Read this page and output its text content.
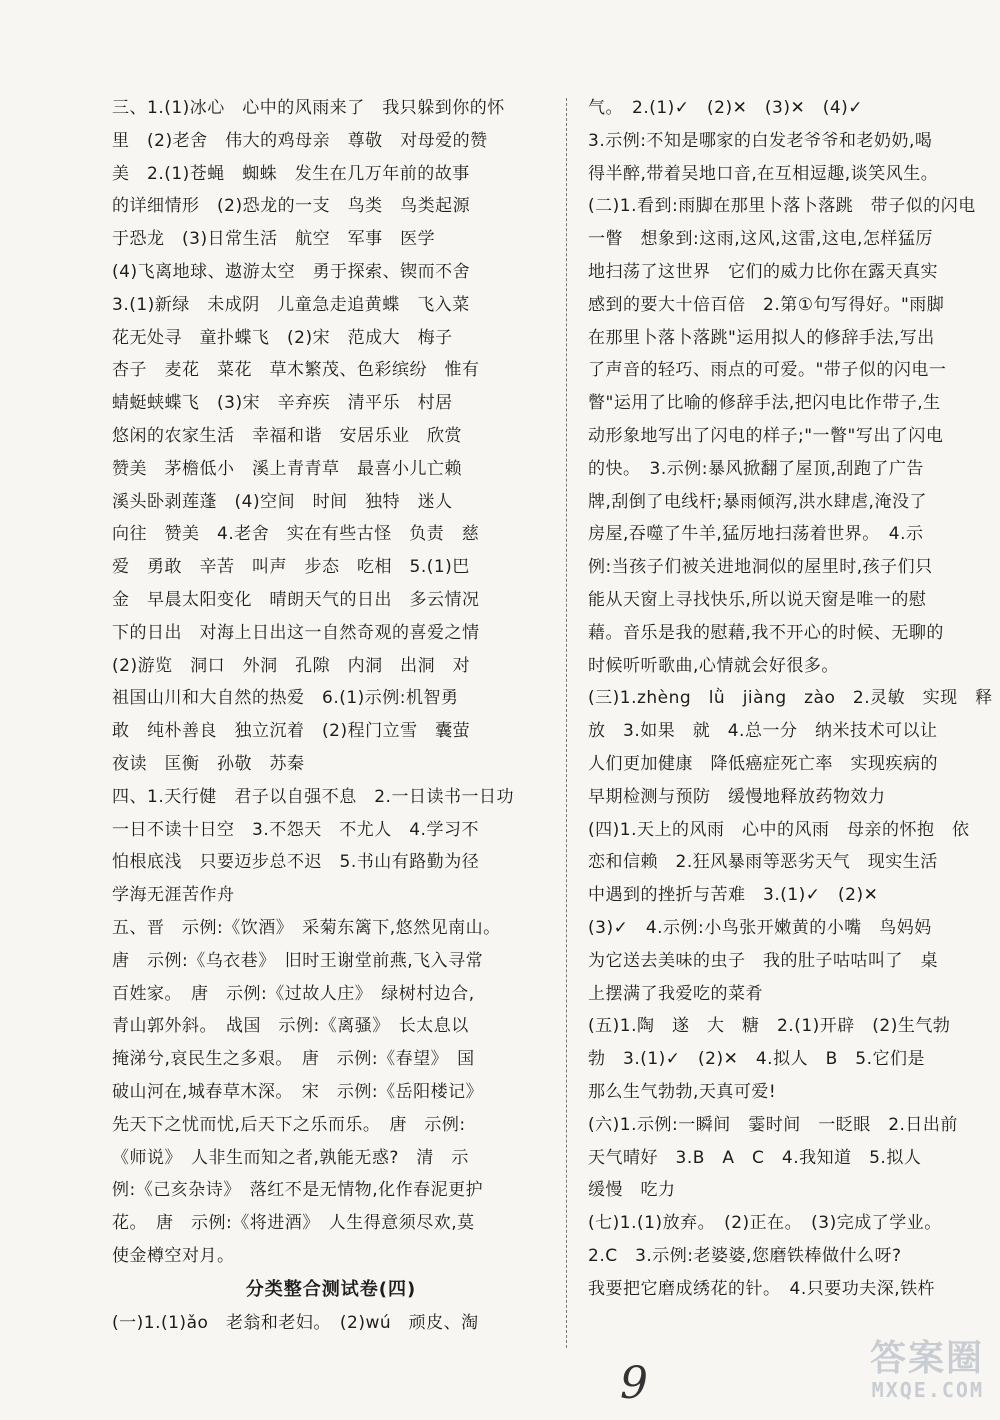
三、1.(1)冰心　心中的风雨来了　我只躲到你的怀
里　(2)老舍　伟大的鸡母亲　尊敬　对母爱的赞
美　2.(1)苍蝇　蜘蛛　发生在几万年前的故事
的详细情形　(2)恐龙的一支　鸟类　鸟类起源
于恐龙　(3)日常生活　航空　军事　医学
(4)飞离地球、遨游太空　勇于探索、锲而不舍
3.(1)新绿　未成阴　儿童急走追黄蝶　飞入菜
花无处寻　童扑蝶飞　(2)宋　范成大　梅子
杏子　麦花　菜花　草木繁茂、色彩缤纷　惟有
蜻蜓蛱蝶飞　(3)宋　辛弃疾　清平乐　村居
悠闲的农家生活　幸福和谐　安居乐业　欣赏
赞美　茅檐低小　溪上青青草　最喜小儿亡赖
溪头卧剥莲蓬　(4)空间　时间　独特　迷人
向往　赞美　4.老舍　实在有些古怪　负责　慈
爱　勇敢　辛苦　叫声　步态　吃相　5.(1)巴
金　早晨太阳变化　晴朗天气的日出　多云情况
下的日出　对海上日出这一自然奇观的喜爱之情
(2)游览　洞口　外洞　孔隙　内洞　出洞　对
祖国山川和大自然的热爱　6.(1)示例:机智勇
敢　纯朴善良　独立沉着　(2)程门立雪　囊萤
夜读　匡衡　孙敬　苏秦
四、1.天行健　君子以自强不息　2.一日读书一日功
一日不读十日空　3.不怨天　不尤人　4.学习不
怕根底浅　只要迈步总不迟　5.书山有路勤为径
学海无涯苦作舟
五、晋　示例:《饮酒》　采菊东篱下,悠然见南山。
唐　示例:《乌衣巷》　旧时王谢堂前燕,飞入寻常
百姓家。　唐　示例:《过故人庄》　绿树村边合,
青山郭外斜。　战国　示例:《离骚》　长太息以
掩涕兮,哀民生之多艰。　唐　示例:《春望》　国
破山河在,城春草木深。　宋　示例:《岳阳楼记》
先天下之忧而忧,后天下之乐而乐。　唐　示例:
《师说》　人非生而知之者,孰能无惑?　清　示
例:《己亥杂诗》　落红不是无情物,化作春泥更护
花。　唐　示例:《将进酒》　人生得意须尽欢,莫
使金樽空对月。
分类整合测试卷(四)
(一)1.(1)ǎo　老翁和老妇。　(2)wú　顽皮、淘
气。　2.(1)✓　(2)✕　(3)✕　(4)✓
3.示例:不知是哪家的白发老爷爷和老奶奶,喝
得半醉,带着吴地口音,在互相逗趣,谈笑风生。
(二)1.看到:雨脚在那里卜落卜落跳　带子似的闪电
一瞥　想象到:这雨,这风,这雷,这电,怎样猛厉
地扫荡了这世界　它们的威力比你在露天真实
感到的要大十倍百倍　2.第①句写得好。"雨脚
在那里卜落卜落跳"运用拟人的修辞手法,写出
了声音的轻巧、雨点的可爱。"带子似的闪电一
瞥"运用了比喻的修辞手法,把闪电比作带子,生
动形象地写出了闪电的样子;"一瞥"写出了闪电
的快。　3.示例:暴风掀翻了屋顶,刮跑了广告
牌,刮倒了电线杆;暴雨倾泻,洪水肆虐,淹没了
房屋,吞噬了牛羊,猛厉地扫荡着世界。　4.示
例:当孩子们被关进地洞似的屋里时,孩子们只
能从天窗上寻找快乐,所以说天窗是唯一的慰
藉。音乐是我的慰藉,我不开心的时候、无聊的
时候听听歌曲,心情就会好很多。
(三)1.zhèng　lǜ　jiàng　zào　2.灵敏　实现　释
放　3.如果　就　4.总一分　纳米技术可以让
人们更加健康　降低癌症死亡率　实现疾病的
早期检测与预防　缓慢地释放药物效力
(四)1.天上的风雨　心中的风雨　母亲的怀抱　依
恋和信赖　2.狂风暴雨等恶劣天气　现实生活
中遇到的挫折与苦难　3.(1)✓　(2)✕
(3)✓　4.示例:小鸟张开嫩黄的小嘴　鸟妈妈
为它送去美味的虫子　我的肚子咕咕叫了　桌
上摆满了我爱吃的菜肴
(五)1.陶　遂　大　糖　2.(1)开辟　(2)生气勃
勃　3.(1)✓　(2)✕　4.拟人　B　5.它们是
那么生气勃勃,天真可爱!
(六)1.示例:一瞬间　霎时间　一眨眼　2.日出前
天气晴好　3.B　A　C　4.我知道　5.拟人
缓慢　吃力
(七)1.(1)放弃。　(2)正在。　(3)完成了学业。
2.C　3.示例:老婆婆,您磨铁棒做什么呀?
我要把它磨成绣花的针。　4.只要功夫深,铁杵
9	答案圈
MXQE.COM
